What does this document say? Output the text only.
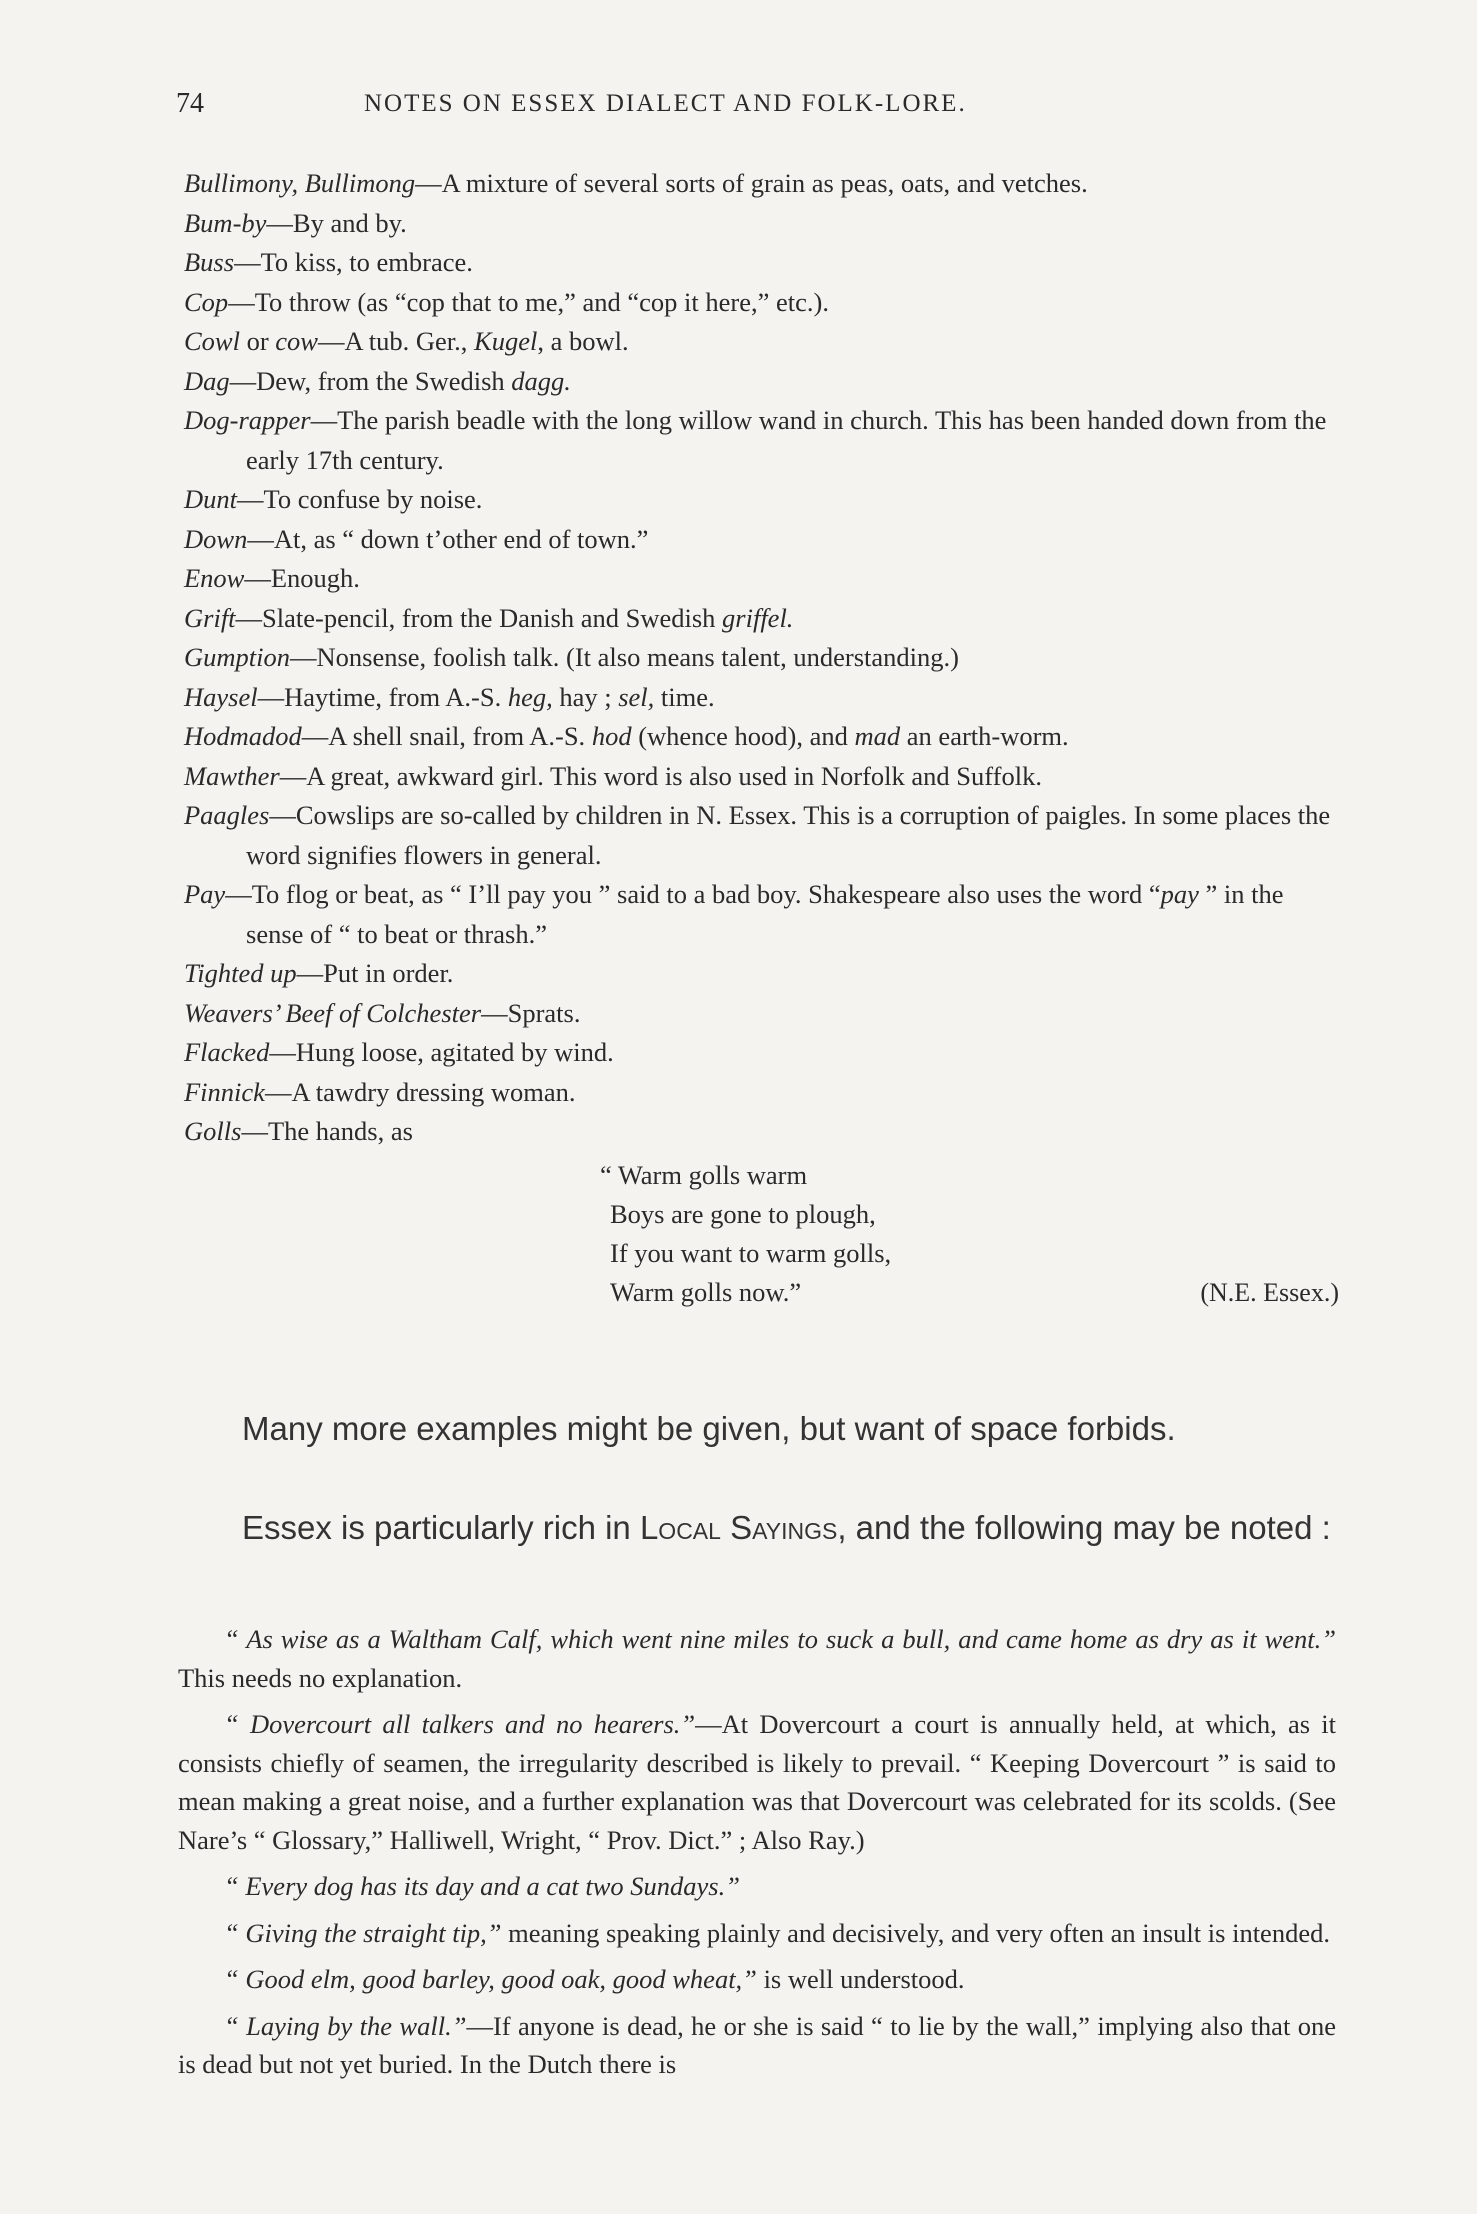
74	NOTES ON ESSEX DIALECT AND FOLK-LORE.
Bullimony, Bullimong—A mixture of several sorts of grain as peas, oats, and vetches.
Bum-by—By and by.
Buss—To kiss, to embrace.
Cop—To throw (as “cop that to me,” and “cop it here,” etc.).
Cowl or cow—A tub. Ger., Kugel, a bowl.
Dag—Dew, from the Swedish dagg.
Dog-rapper—The parish beadle with the long willow wand in church. This has been handed down from the early 17th century.
Dunt—To confuse by noise.
Down—At, as “ down t’other end of town.”
Enow—Enough.
Grift—Slate-pencil, from the Danish and Swedish griffel.
Gumption—Nonsense, foolish talk. (It also means talent, understanding.)
Haysel—Haytime, from A.-S. heg, hay ; sel, time.
Hodmadod—A shell snail, from A.-S. hod (whence hood), and mad an earth-worm.
Mawther—A great, awkward girl. This word is also used in Norfolk and Suffolk.
Paagles—Cowslips are so-called by children in N. Essex. This is a corruption of paigles. In some places the word signifies flowers in general.
Pay—To flog or beat, as “ I’ll pay you ” said to a bad boy. Shakespeare also uses the word “pay ” in the sense of “ to beat or thrash.”
Tighted up—Put in order.
Weavers’ Beef of Colchester—Sprats.
Flacked—Hung loose, agitated by wind.
Finnick—A tawdry dressing woman.
Golls—The hands, as
“ Warm golls warm
Boys are gone to plough,
If you want to warm golls,
Warm golls now.”	(N.E. Essex.)
Many more examples might be given, but want of space forbids.
Essex is particularly rich in Local Sayings, and the following may be noted :
“ As wise as a Waltham Calf, which went nine miles to suck a bull, and came home as dry as it went.” This needs no explanation.
“ Dovercourt all talkers and no hearers.”—At Dovercourt a court is annually held, at which, as it consists chiefly of seamen, the irregularity described is likely to prevail. “ Keeping Dovercourt ” is said to mean making a great noise, and a further explanation was that Dovercourt was celebrated for its scolds. (See Nare’s “ Glossary,” Halliwell, Wright, “ Prov. Dict.” ; Also Ray.)
“ Every dog has its day and a cat two Sundays.”
“ Giving the straight tip,” meaning speaking plainly and decisively, and very often an insult is intended.
“ Good elm, good barley, good oak, good wheat,” is well understood.
“ Laying by the wall.”—If anyone is dead, he or she is said “ to lie by the wall,” implying also that one is dead but not yet buried. In the Dutch there is
